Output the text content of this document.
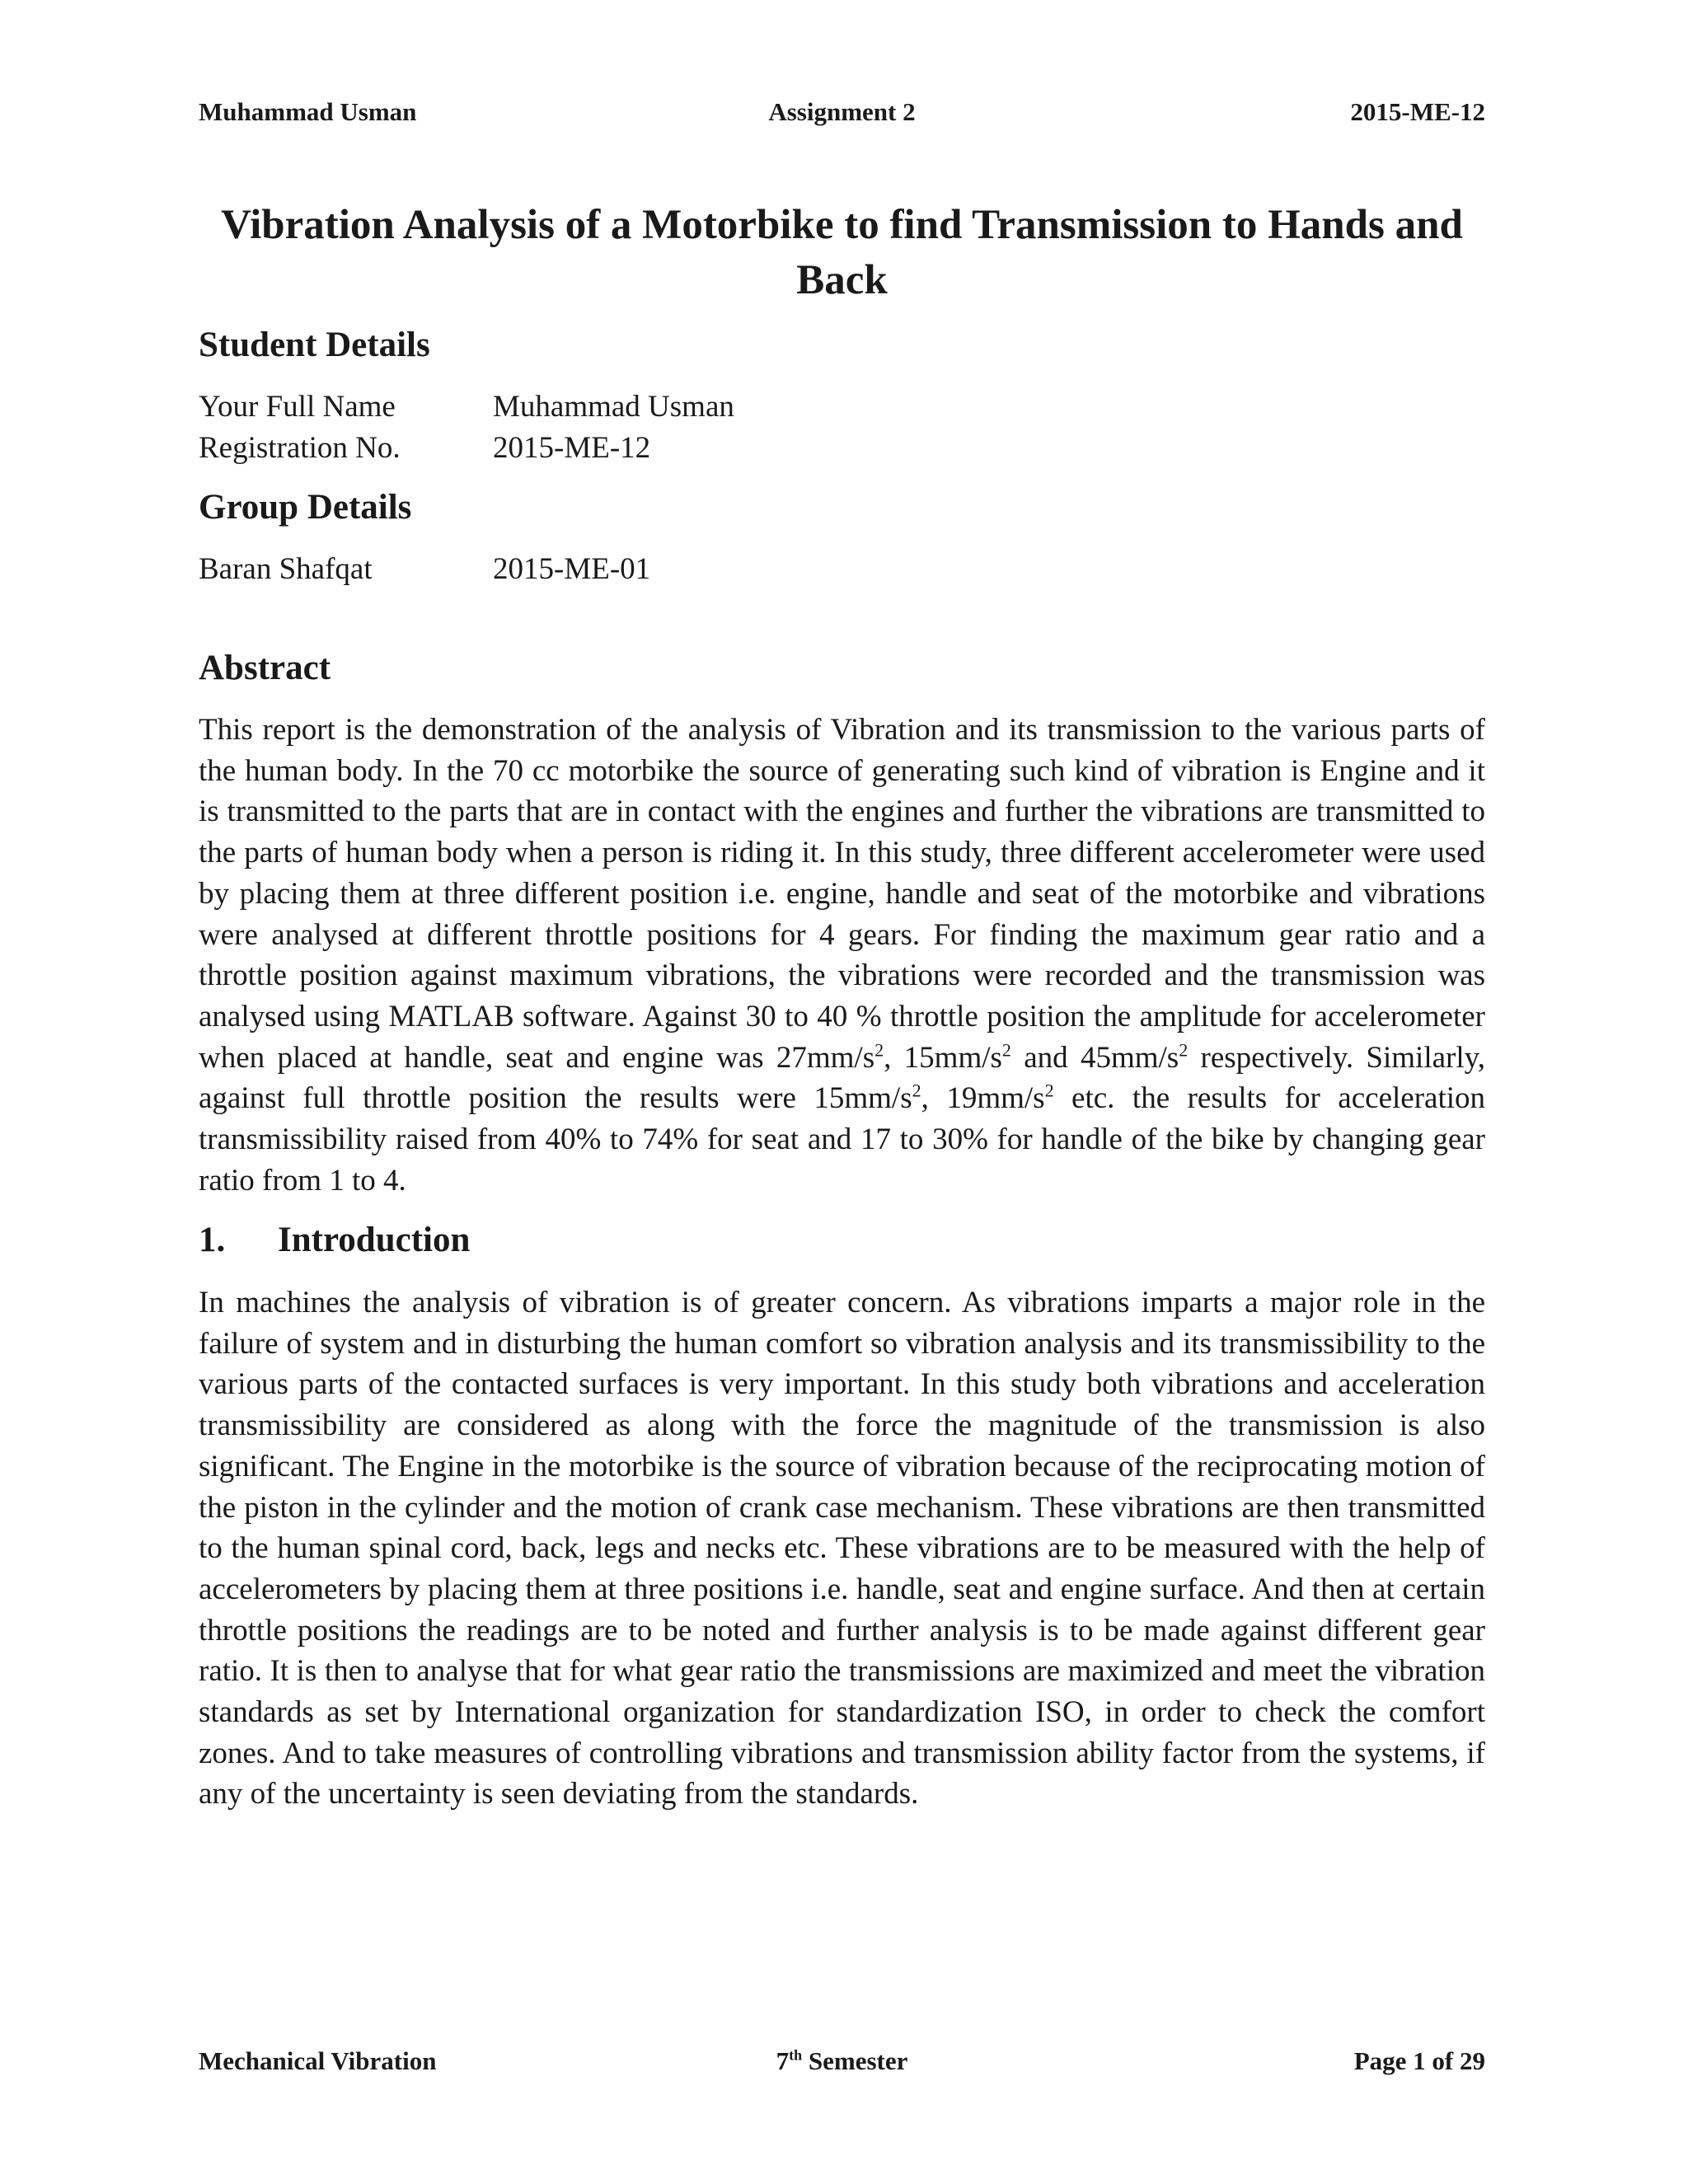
Muhammad Usman	2015-ME-12
Assignment 2
Vibration Analysis of a Motorbike to find Transmission to Hands and Back
Student Details
Your Full Name	Muhammad Usman
Registration No.	2015-ME-12
Group Details
Baran Shafqat	2015-ME-01
Abstract

This report is the demonstration of the analysis of Vibration and its transmission to the various parts of the human body. In the 70 cc motorbike the source of generating such kind of vibration is Engine and it is transmitted to the parts that are in contact with the engines and further the vibrations are transmitted to the parts of human body when a person is riding it. In this study, three different accelerometer were used by placing them at three different position i.e. engine, handle and seat of the motorbike and vibrations were analysed at different throttle positions for 4 gears. For finding the maximum gear ratio and a throttle position against maximum vibrations, the vibrations were recorded and the transmission was analysed using MATLAB software. Against 30 to 40 % throttle position the amplitude for accelerometer when placed at handle, seat and engine was $27mm/s^2$, $15mm/s^2$ and $45mm/s^2$ respectively. Similarly, against full throttle position the results were $15mm/s^2$, $19mm/s^2$ etc. the results for acceleration transmissibility raised from 40% to 74% for seat and 17 to 30% for handle of the bike by changing gear ratio from 1 to 4.

1. Introduction

In machines the analysis of vibration is of greater concern. As vibrations imparts a major role in the failure of system and in disturbing the human comfort so vibration analysis and its transmissibility to the various parts of the contacted surfaces is very important. In this study both vibrations and acceleration transmissibility are considered as along with the force the magnitude of the transmission is also significant. The Engine in the motorbike is the source of vibration because of the reciprocating motion of the piston in the cylinder and the motion of crank case mechanism. These vibrations are then transmitted to the human spinal cord, back, legs and necks etc. These vibrations are to be measured with the help of accelerometers by placing them at three positions i.e. handle, seat and engine surface. And then at certain throttle positions the readings are to be noted and further analysis is to be made against different gear ratio. It is then to analyse that for what gear ratio the transmissions are maximized and meet the vibration standards as set by International organization for standardization ISO, in order to check the comfort zones. And to take measures of controlling vibrations and transmission ability factor from the systems, if any of the uncertainty is seen deviating from the standards.

Mechanical Vibration	Page 1 of 29
7th Semester
